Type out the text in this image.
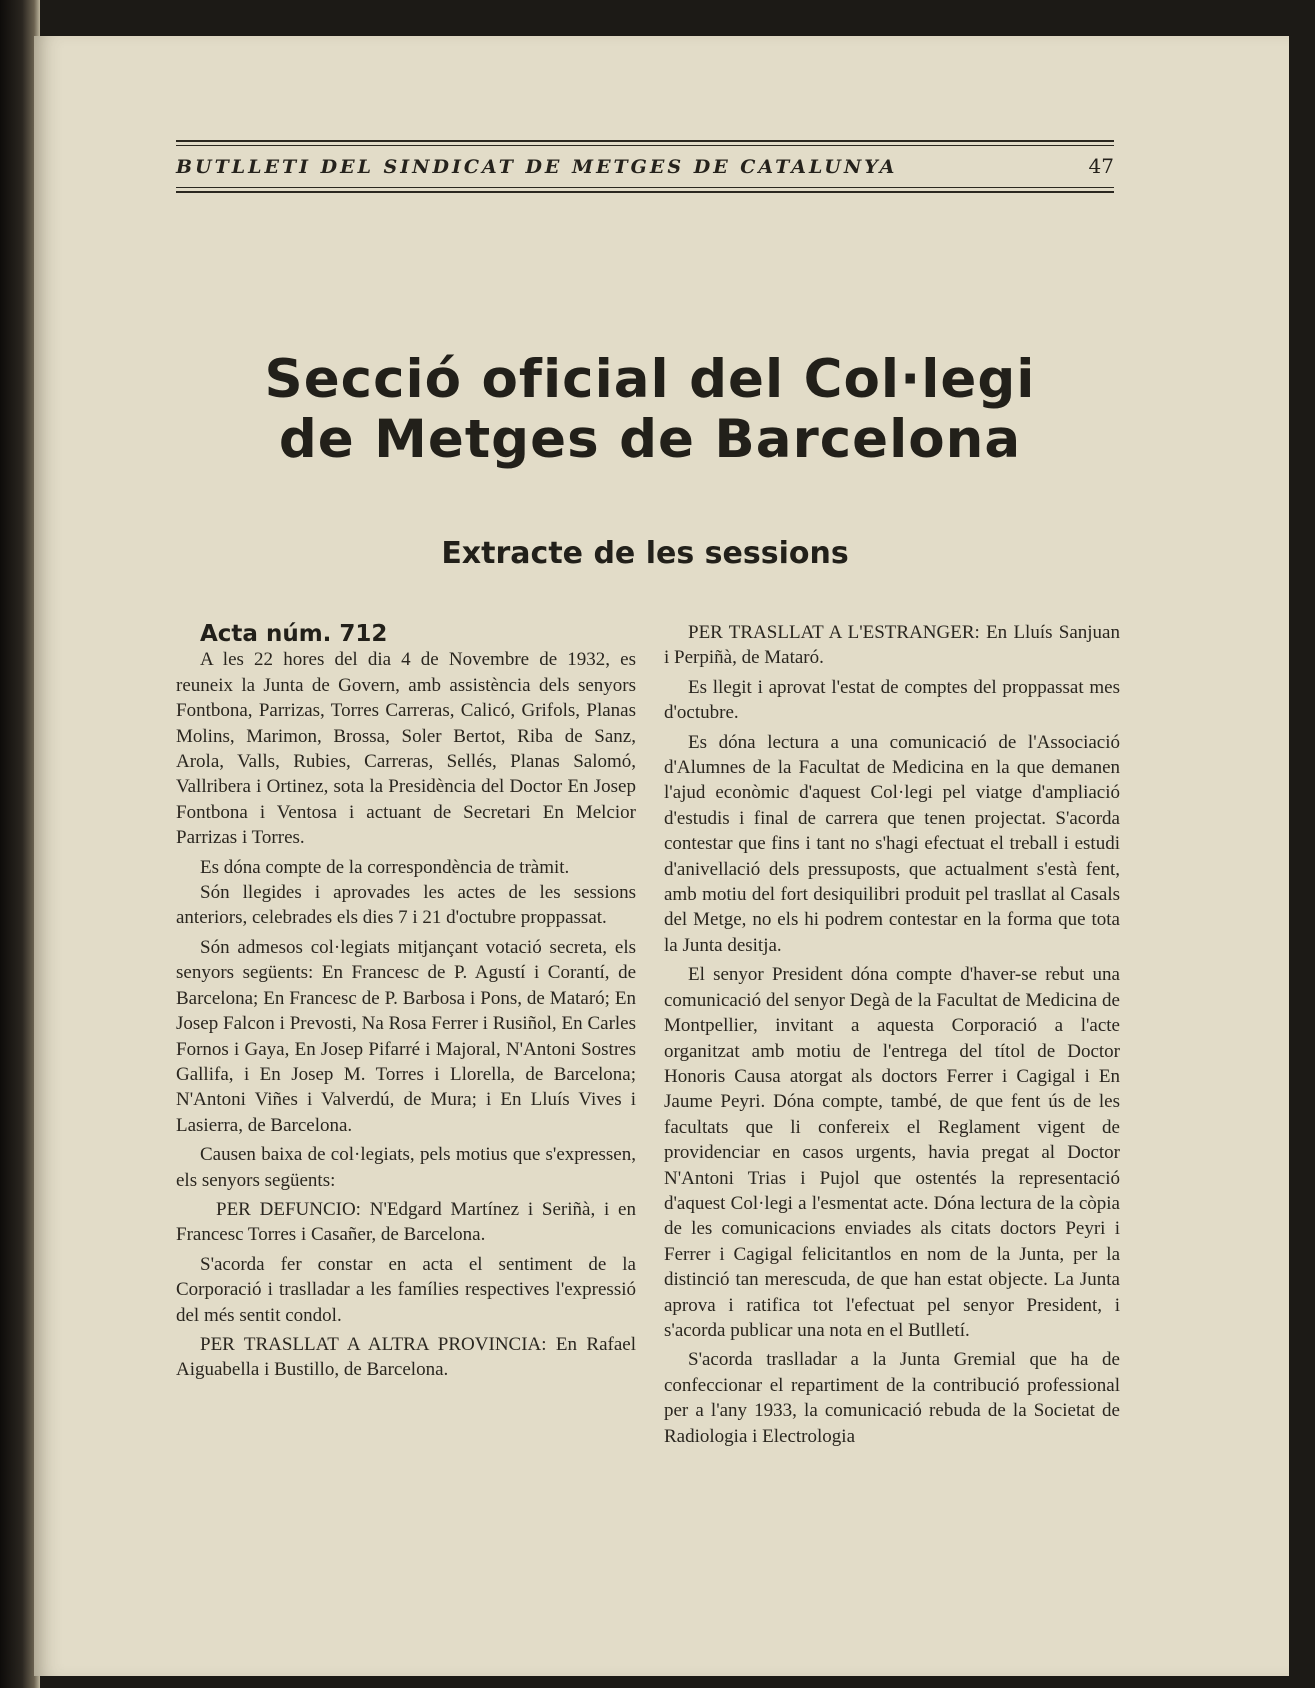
BUTLLETI DEL SINDICAT DE METGES DE CATALUNYA	47
Secció oficial del Col·legi
de Metges de Barcelona
Extracte de les sessions

Acta núm. 712

A les 22 hores del dia 4 de Novembre de 1932, es reuneix la Junta de Govern, amb assistència dels senyors Fontbona, Parrizas, Torres Carreras, Calicó, Grifols, Planas Molins, Marimon, Brossa, Soler Bertot, Riba de Sanz, Arola, Valls, Rubies, Carreras, Sellés, Planas Salomó, Vallribera i Ortinez, sota la Presidència del Doctor En Josep Fontbona i Ventosa i actuant de Secretari En Melcior Parrizas i Torres.

Es dóna compte de la correspondència de tràmit.

Són llegides i aprovades les actes de les sessions anteriors, celebrades els dies 7 i 21 d'octubre proppassat.

Són admesos col·legiats mitjançant votació secreta, els senyors següents: En Francesc de P. Agustí i Corantí, de Barcelona; En Francesc de P. Barbosa i Pons, de Mataró; En Josep Falcon i Prevosti, Na Rosa Ferrer i Rusiñol, En Carles Fornos i Gaya, En Josep Pifarré i Majoral, N'Antoni Sostres Gallifa, i En Josep M. Torres i Llorella, de Barcelona; N'Antoni Viñes i Valverdú, de Mura; i En Lluís Vives i Lasierra, de Barcelona.

Causen baixa de col·legiats, pels motius que s'expressen, els senyors següents:

PER DEFUNCIO: N'Edgard Martínez i Seriñà, i en Francesc Torres i Casañer, de Barcelona.

S'acorda fer constar en acta el sentiment de la Corporació i traslladar a les famílies respectives l'expressió del més sentit condol.

PER TRASLLAT A ALTRA PROVINCIA: En Rafael Aiguabella i Bustillo, de Barcelona.

PER TRASLLAT A L'ESTRANGER: En Lluís Sanjuan i Perpiñà, de Mataró.

Es llegit i aprovat l'estat de comptes del proppassat mes d'octubre.

Es dóna lectura a una comunicació de l'Associació d'Alumnes de la Facultat de Medicina en la que demanen l'ajud econòmic d'aquest Col·legi pel viatge d'ampliació d'estudis i final de carrera que tenen projectat. S'acorda contestar que fins i tant no s'hagi efectuat el treball i estudi d'anivellació dels pressuposts, que actualment s'està fent, amb motiu del fort desiquilibri produit pel trasllat al Casals del Metge, no els hi podrem contestar en la forma que tota la Junta desitja.

El senyor President dóna compte d'haver-se rebut una comunicació del senyor Degà de la Facultat de Medicina de Montpellier, invitant a aquesta Corporació a l'acte organitzat amb motiu de l'entrega del títol de Doctor Honoris Causa atorgat als doctors Ferrer i Cagigal i En Jaume Peyri. Dóna compte, també, de que fent ús de les facultats que li confereix el Reglament vigent de providenciar en casos urgents, havia pregat al Doctor N'Antoni Trias i Pujol que ostentés la representació d'aquest Col·legi a l'esmentat acte. Dóna lectura de la còpia de les comunicacions enviades als citats doctors Peyri i Ferrer i Cagigal felicitantlos en nom de la Junta, per la distinció tan merescuda, de que han estat objecte. La Junta aprova i ratifica tot l'efectuat pel senyor President, i s'acorda publicar una nota en el Butlletí.

S'acorda traslladar a la Junta Gremial que ha de confeccionar el repartiment de la contribució professional per a l'any 1933, la comunicació rebuda de la Societat de Radiologia i Electrologia
